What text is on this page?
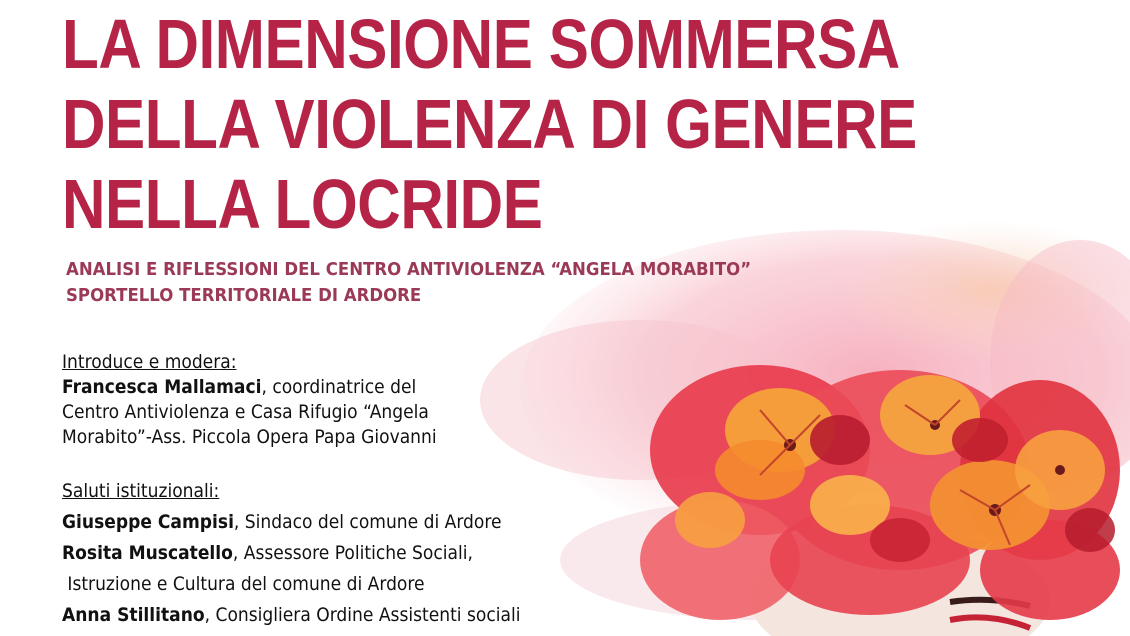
LA DIMENSIONE SOMMERSA
DELLA VIOLENZA DI GENERE
NELLA LOCRIDE
ANALISI E RIFLESSIONI DEL CENTRO ANTIVIOLENZA “ANGELA MORABITO”
SPORTELLO TERRITORIALE DI ARDORE
Introduce e modera:
Francesca Mallamaci, coordinatrice del
Centro Antiviolenza e Casa Rifugio “Angela
Morabito”-Ass. Piccola Opera Papa Giovanni
Saluti istituzionali:
Giuseppe Campisi, Sindaco del comune di Ardore
Rosita Muscatello, Assessore Politiche Sociali,
Istruzione e Cultura del comune di Ardore
Anna Stillitano, Consigliera Ordine Assistenti sociali
